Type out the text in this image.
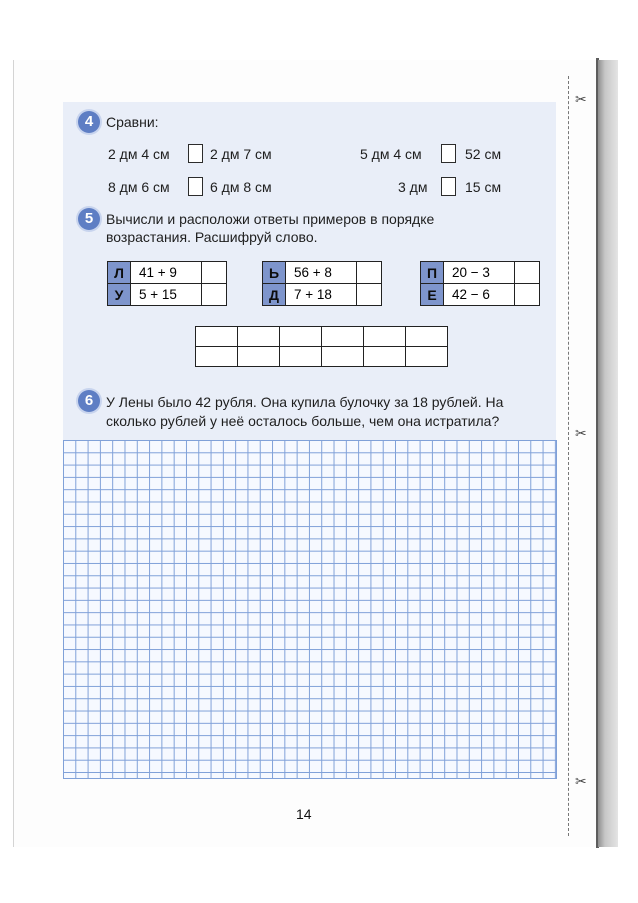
✂
✂
✂
4 Сравни:
2 дм 4 см	2 дм 7 см	5 дм 4 см	52 см
8 дм 6 см	6 дм 8 см	3 дм	15 см
5 Вычисли и расположи ответы примеров в порядке
возрастания. Расшифруй слово.
Л	41 + 9	
У	5 + 15	
Ь	56 + 8	
Д	7 + 18	
П	20 − 3	
Е	42 − 6	

6 У Лены было 42 рубля. Она купила булочку за 18 рублей. На
сколько рублей у неё осталось больше, чем она истратила?
14
